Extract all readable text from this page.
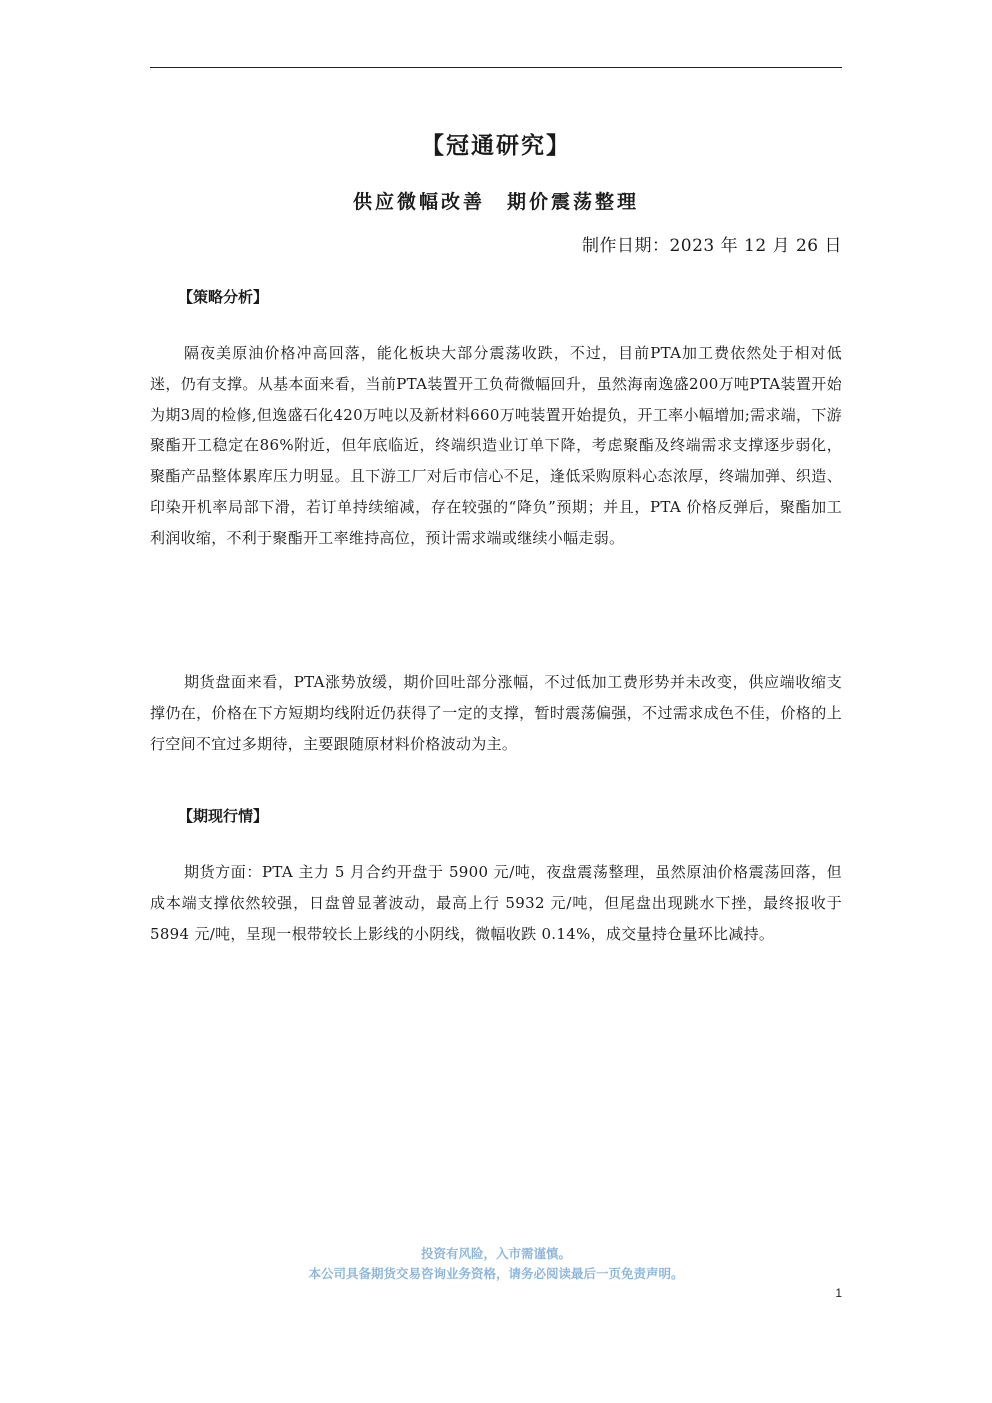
【冠通研究】
供应微幅改善　期价震荡整理
制作日期：2023 年 12 月 26 日
【策略分析】
隔夜美原油价格冲高回落，能化板块大部分震荡收跌，不过，目前PTA加工费依然处于相对低迷，仍有支撑。从基本面来看，当前PTA装置开工负荷微幅回升，虽然海南逸盛200万吨PTA装置开始为期3周的检修,但逸盛石化420万吨以及新材料660万吨装置开始提负，开工率小幅增加;需求端，下游聚酯开工稳定在86%附近，但年底临近，终端织造业订单下降，考虑聚酯及终端需求支撑逐步弱化，聚酯产品整体累库压力明显。且下游工厂对后市信心不足，逢低采购原料心态浓厚，终端加弹、织造、印染开机率局部下滑，若订单持续缩减，存在较强的“降负”预期；并且，PTA 价格反弹后，聚酯加工利润收缩，不利于聚酯开工率维持高位，预计需求端或继续小幅走弱。
期货盘面来看，PTA涨势放缓，期价回吐部分涨幅，不过低加工费形势并未改变，供应端收缩支撑仍在，价格在下方短期均线附近仍获得了一定的支撑，暂时震荡偏强，不过需求成色不佳，价格的上行空间不宜过多期待，主要跟随原材料价格波动为主。
【期现行情】
期货方面：PTA 主力 5 月合约开盘于 5900 元/吨，夜盘震荡整理，虽然原油价格震荡回落，但成本端支撑依然较强，日盘曾显著波动，最高上行 5932 元/吨，但尾盘出现跳水下挫，最终报收于 5894 元/吨，呈现一根带较长上影线的小阴线，微幅收跌 0.14%，成交量持仓量环比减持。
投资有风险，入市需谨慎。
本公司具备期货交易咨询业务资格，请务必阅读最后一页免责声明。
1
